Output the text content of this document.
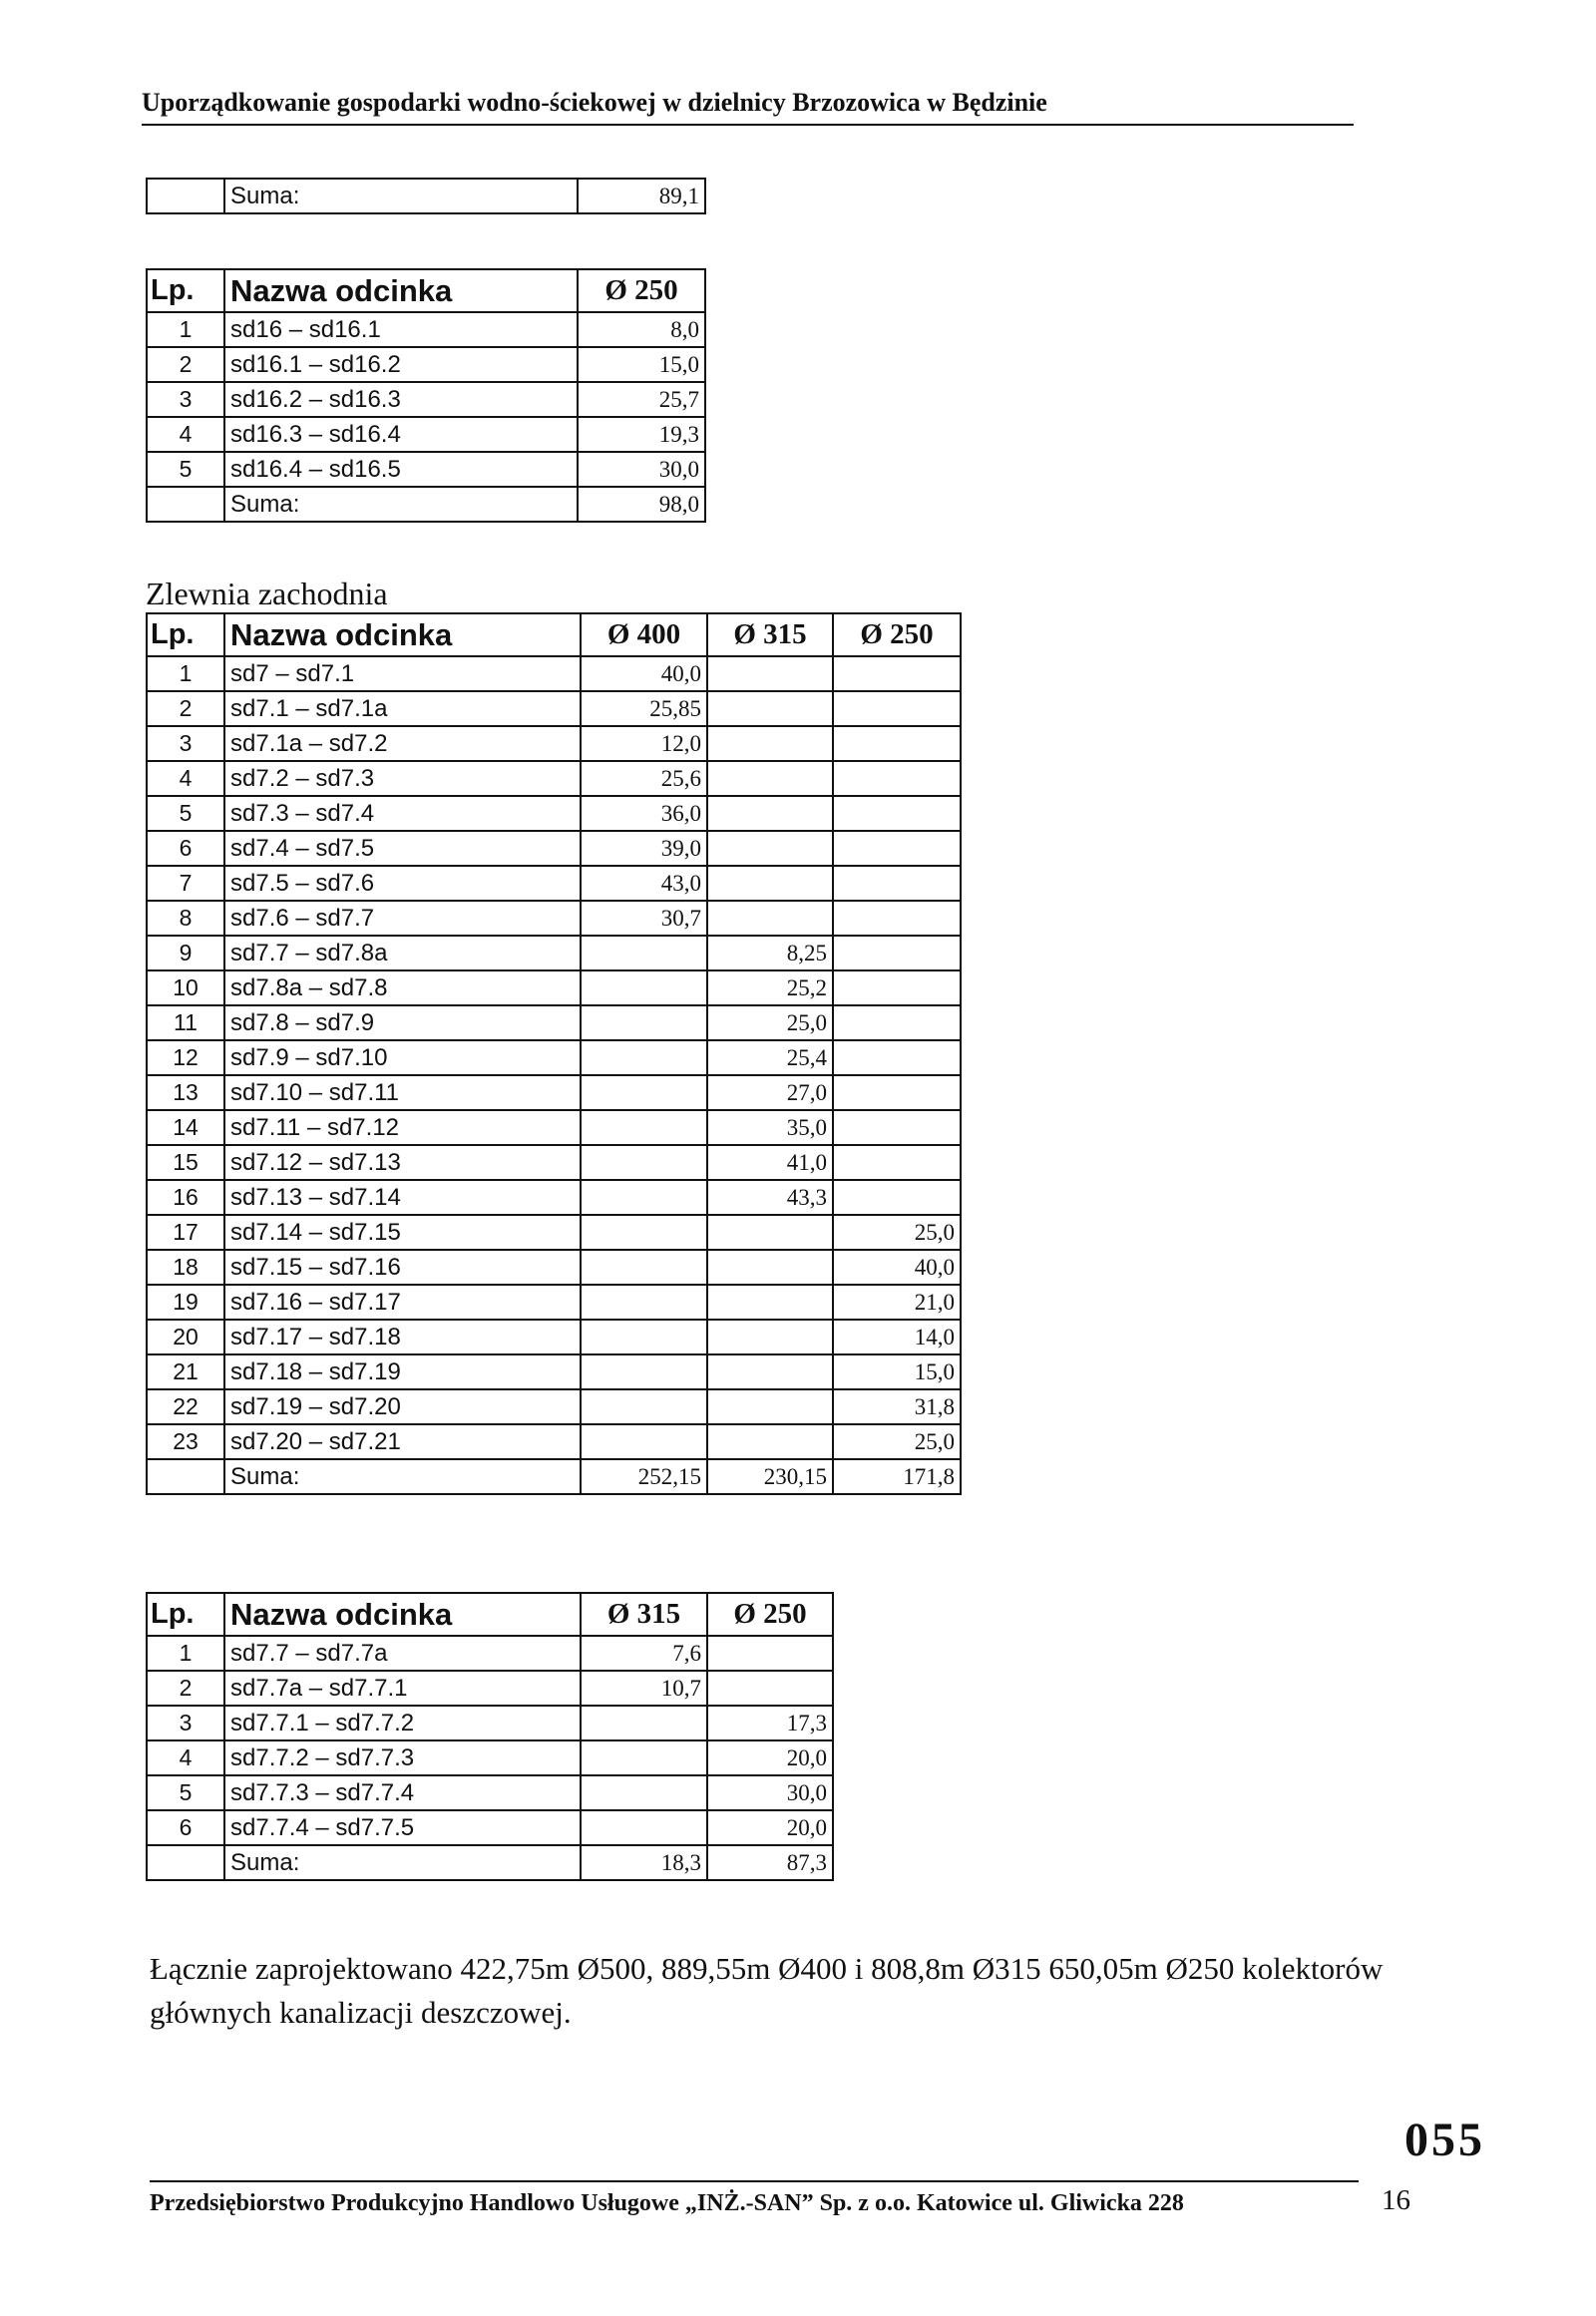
Uporządkowanie gospodarki wodno-ściekowej w dzielnicy Brzozowica w Będzinie
	Suma:	89,1
Lp.	Nazwa odcinka	Ø 250
1	sd16 – sd16.1	8,0
2	sd16.1 – sd16.2	15,0
3	sd16.2 – sd16.3	25,7
4	sd16.3 – sd16.4	19,3
5	sd16.4 – sd16.5	30,0
	Suma:	98,0
Zlewnia zachodnia
Lp.	Nazwa odcinka	Ø 400	Ø 315	Ø 250
1	sd7 – sd7.1	40,0		
2	sd7.1 – sd7.1a	25,85		
3	sd7.1a – sd7.2	12,0		
4	sd7.2 – sd7.3	25,6		
5	sd7.3 – sd7.4	36,0		
6	sd7.4 – sd7.5	39,0		
7	sd7.5 – sd7.6	43,0		
8	sd7.6 – sd7.7	30,7		
9	sd7.7 – sd7.8a		8,25	
10	sd7.8a – sd7.8		25,2	
11	sd7.8 – sd7.9		25,0	
12	sd7.9 – sd7.10		25,4	
13	sd7.10 – sd7.11		27,0	
14	sd7.11 – sd7.12		35,0	
15	sd7.12 – sd7.13		41,0	
16	sd7.13 – sd7.14		43,3	
17	sd7.14 – sd7.15			25,0
18	sd7.15 – sd7.16			40,0
19	sd7.16 – sd7.17			21,0
20	sd7.17 – sd7.18			14,0
21	sd7.18 – sd7.19			15,0
22	sd7.19 – sd7.20			31,8
23	sd7.20 – sd7.21			25,0
	Suma:	252,15	230,15	171,8
Lp.	Nazwa odcinka	Ø 315	Ø 250
1	sd7.7 – sd7.7a	7,6	
2	sd7.7a – sd7.7.1	10,7	
3	sd7.7.1 – sd7.7.2		17,3
4	sd7.7.2 – sd7.7.3		20,0
5	sd7.7.3 – sd7.7.4		30,0
6	sd7.7.4 – sd7.7.5		20,0
	Suma:	18,3	87,3
Łącznie zaprojektowano 422,75m Ø500, 889,55m Ø400 i 808,8m Ø315 650,05m Ø250 kolektorów głównych kanalizacji deszczowej.
055
Przedsiębiorstwo Produkcyjno Handlowo Usługowe „INŻ.-SAN” Sp. z o.o. Katowice ul. Gliwicka 228	16
